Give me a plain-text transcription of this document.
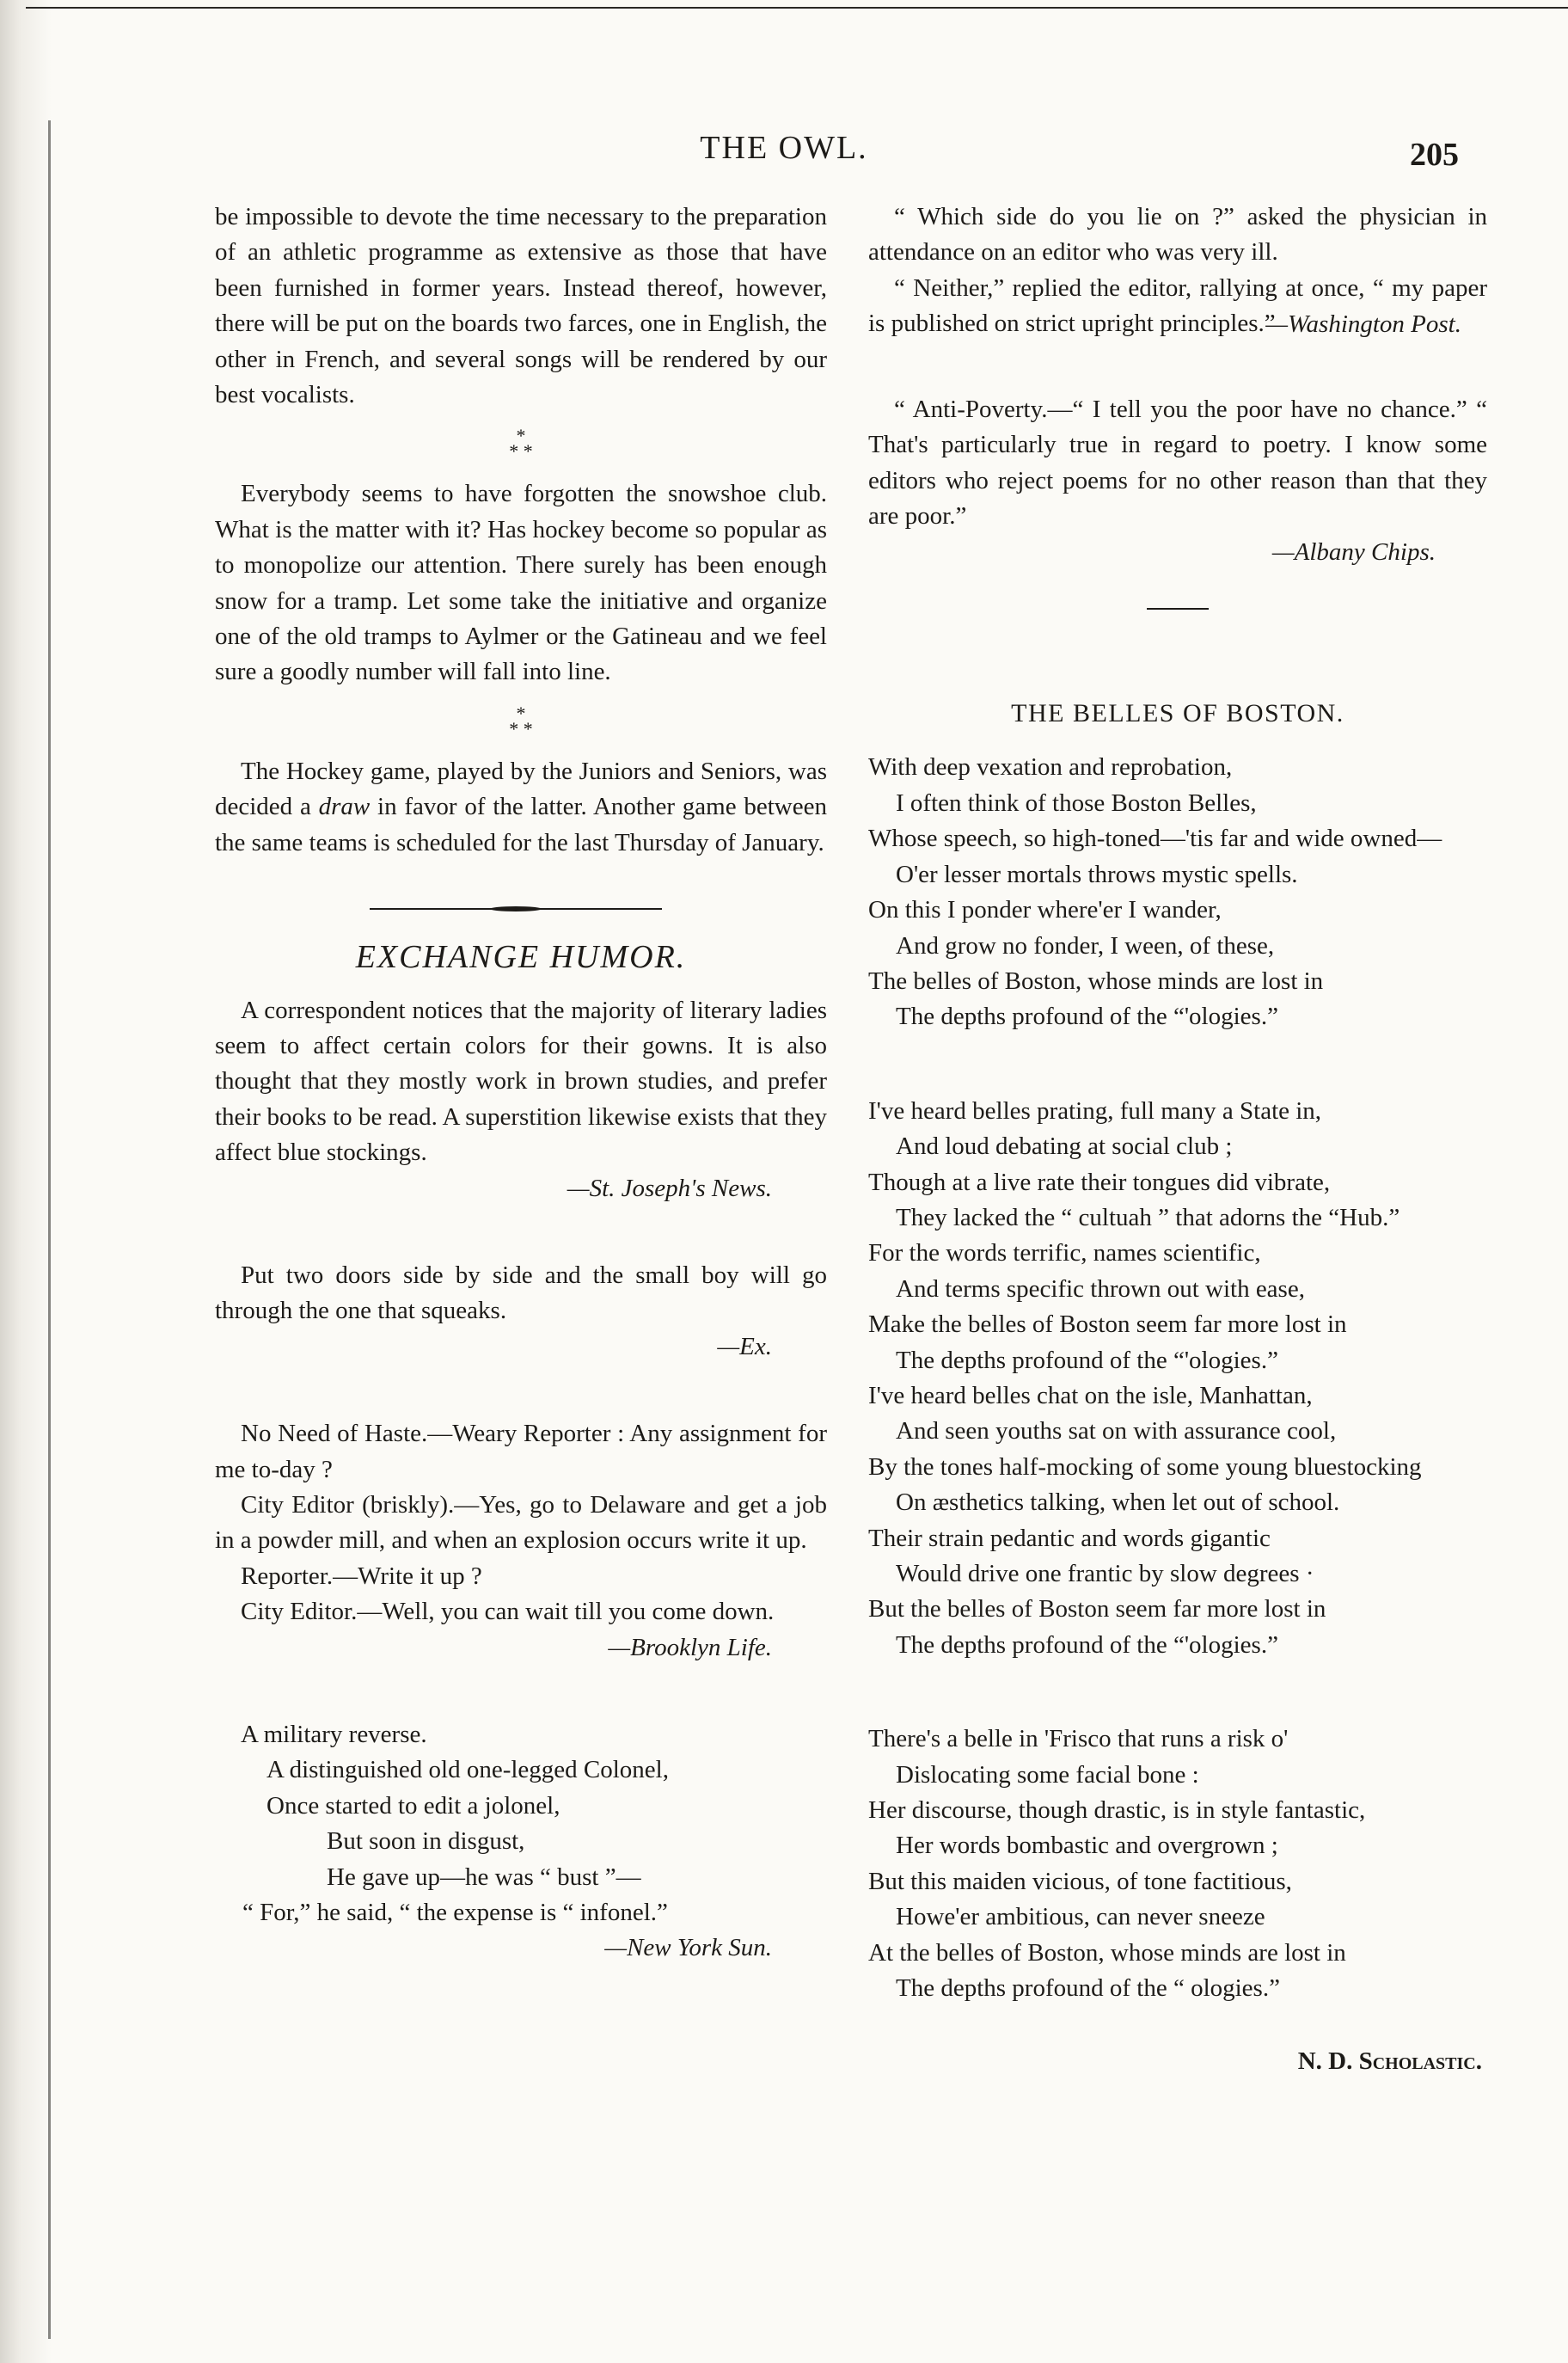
THE OWL.	205

be impossible to devote the time necessary to the preparation of an athletic programme as extensive as those that have been furnished in former years. Instead thereof, however, there will be put on the boards two farces, one in English, the other in French, and several songs will be rendered by our best vocalists.

*
* *

Everybody seems to have forgotten the snowshoe club. What is the matter with it? Has hockey become so popular as to monopolize our attention. There surely has been enough snow for a tramp. Let some take the initiative and organize one of the old tramps to Aylmer or the Gatineau and we feel sure a goodly number will fall into line.

*
* *

The Hockey game, played by the Juniors and Seniors, was decided a draw in favor of the latter. Another game between the same teams is scheduled for the last Thursday of January.

EXCHANGE HUMOR.

A correspondent notices that the majority of literary ladies seem to affect certain colors for their gowns. It is also thought that they mostly work in brown studies, and prefer their books to be read. A superstition likewise exists that they affect blue stockings.

—St. Joseph's News.

Put two doors side by side and the small boy will go through the one that squeaks.

—Ex.

No Need of Haste.—Weary Reporter : Any assignment for me to-day ?

City Editor (briskly).—Yes, go to Delaware and get a job in a powder mill, and when an explosion occurs write it up.

Reporter.—Write it up ?

City Editor.—Well, you can wait till you come down.

—Brooklyn Life.
A military reverse.
A distinguished old one-legged Colonel,
Once started to edit a jolonel,
But soon in disgust,
He gave up—he was “ bust ”—
“ For,” he said, “ the expense is “ infonel.”
—New York Sun.

“ Which side do you lie on ?” asked the physician in attendance on an editor who was very ill.

“ Neither,” replied the editor, rallying at once, “ my paper is published on strict upright principles.”

—Washington Post.

“ Anti-Poverty.—“ I tell you the poor have no chance.” “ That's particularly true in regard to poetry. I know some editors who reject poems for no other reason than that they are poor.”

—Albany Chips.
THE BELLES OF BOSTON.
With deep vexation and reprobation,
I often think of those Boston Belles,
Whose speech, so high-toned—'tis far and wide owned—
O'er lesser mortals throws mystic spells.
On this I ponder where'er I wander,
And grow no fonder, I ween, of these,
The belles of Boston, whose minds are lost in
The depths profound of the “'ologies.”
I've heard belles prating, full many a State in,
And loud debating at social club ;
Though at a live rate their tongues did vibrate,
They lacked the “ cultuah ” that adorns the “Hub.”
For the words terrific, names scientific,
And terms specific thrown out with ease,
Make the belles of Boston seem far more lost in
The depths profound of the “'ologies.”
I've heard belles chat on the isle, Manhattan,
And seen youths sat on with assurance cool,
By the tones half-mocking of some young bluestocking
On æsthetics talking, when let out of school.
Their strain pedantic and words gigantic
Would drive one frantic by slow degrees ·
But the belles of Boston seem far more lost in
The depths profound of the “'ologies.”
There's a belle in 'Frisco that runs a risk o'
Dislocating some facial bone :
Her discourse, though drastic, is in style fantastic,
Her words bombastic and overgrown ;
But this maiden vicious, of tone factitious,
Howe'er ambitious, can never sneeze
At the belles of Boston, whose minds are lost in
The depths profound of the “ ologies.”
N. D. Scholastic.
